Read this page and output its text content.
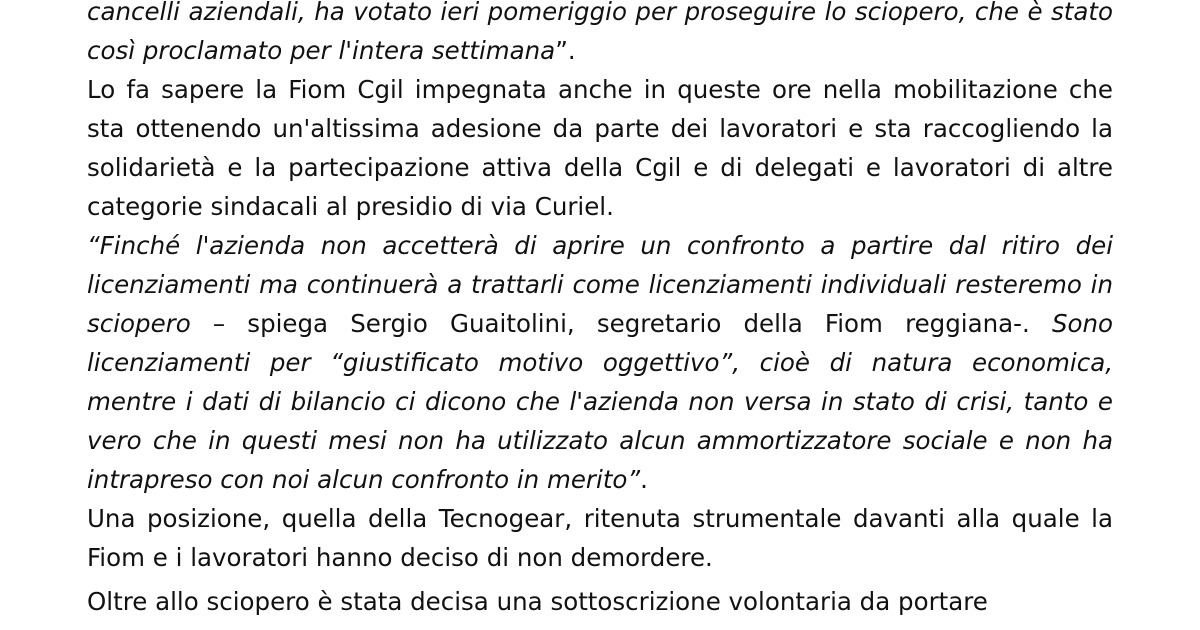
cancelli aziendali, ha votato ieri pomeriggio per proseguire lo sciopero, che è stato così proclamato per l'intera settimana”.

Lo fa sapere la Fiom Cgil impegnata anche in queste ore nella mobilitazione che sta ottenendo un'altissima adesione da parte dei lavoratori e sta raccogliendo la solidarietà e la partecipazione attiva della Cgil e di delegati e lavoratori di altre categorie sindacali al presidio di via Curiel.

“Finché l'azienda non accetterà di aprire un confronto a partire dal ritiro dei licenziamenti ma continuerà a trattarli come licenziamenti individuali resteremo in sciopero – spiega Sergio Guaitolini, segretario della Fiom reggiana-. Sono licenziamenti per “giustificato motivo oggettivo”, cioè di natura economica, mentre i dati di bilancio ci dicono che l'azienda non versa in stato di crisi, tanto e vero che in questi mesi non ha utilizzato alcun ammortizzatore sociale e non ha intrapreso con noi alcun confronto in merito”.

Una posizione, quella della Tecnogear, ritenuta strumentale davanti alla quale la Fiom e i lavoratori hanno deciso di non demordere.

Oltre allo sciopero è stata decisa una sottoscrizione volontaria da portare
